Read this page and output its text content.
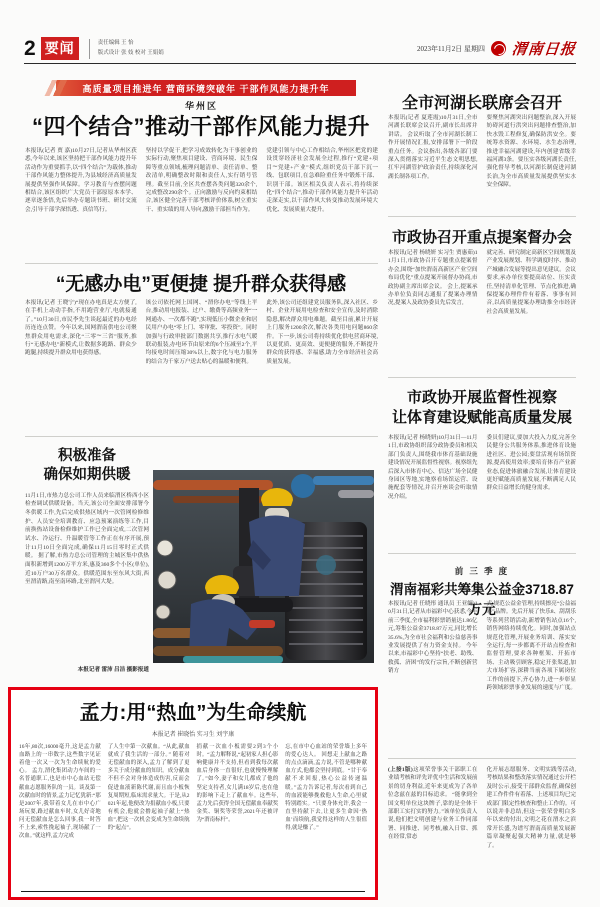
2 要闻	责任编辑 王 怡
版式设计 张 妓 校对 王娟娟	2023年11月2日 星期四 渭南日报
高质量项目推进年 营商环境突破年 干部作风能力提升年
华州区
“四个结合”推动干部作风能力提升
本报讯(记者 贾 嘉)10月27日,记者从华州区获悉,今年以来,该区坚持把干部作风能力提升年活动作为重要抓手,以“四个结合”为载体,推动干部作风能力整体提升,为县域经济高质量发展提供坚强作风保障。学习教育与查摆问题相结合,该区组织广大党员干部原原本本学、逐章逐条悟,先后举办专题读书班、研讨交流会,引导干部学深悟透、真信笃行。
坚持以学促干,把学习成效转化为干事创业的实际行动,聚焦项目建设、营商环境、民生保障等重点领域,梳理问题清单、责任清单、整改清单,明确整改时限和责任人,实行销号管理。截至目前,全区共查摆各类问题320余个,完成整改290余个。正向激励与反向约束相结合,该区健全完善干部考核评价体系,树立重实干、重实绩的用人导向,激励干部担当作为。
党建引领与中心工作相结合,华州区把党的建设贯穿经济社会发展全过程,推行“党建+项目”“党建+产业”模式,组织党员干部下沉一线、包联项目,在急难险重任务中锻炼干部、识别干部。该区相关负责人表示,将持续深化“四个结合”,推动干部作风能力提升年活动走深走实,以干部作风大转变推动发展环境大优化、发展质量大提升。
“无感办电”更便捷 提升群众获得感
本报讯(记者 王晓宁)“现在办电真是太方便了,在手机上动动手指,不用跑营业厅,电就接通了。”10月30日,市民李先生谈起最近的办电经历连连点赞。今年以来,国网渭南供电公司聚焦群众用电需求,深化“三零”“三省”服务,推行“无感办电”新模式,让数据多跑路、群众少跑腿,持续提升群众用电获得感。
该公司依托网上国网、“渭你办电”等线上平台,推动用电报装、过户、缴费等高频业务“一网通办、一次都不跑”,实现低压小微企业和居民用户办电“零上门、零审批、零投资”。同时加强与行政审批部门数据共享,推行水电气暖联动报装,办电环节由原来的6个压减至2个,平均接电时间压缩30%以上,数字化与电力服务的结合为千家万户送去贴心的温暖和便利。
此外,该公司还组建党员服务队,深入社区、乡村、企业开展用电检查和安全宣传,及时消除隐患,解决群众用电难题。截至目前,累计开展上门服务1200余次,解决各类用电问题860余件。下一步,该公司将持续优化供电营商环境,以更优质、更高效、更便捷的服务,不断提升群众的获得感、幸福感,助力全市经济社会高质量发展。
积极准备
确保如期供暖
11月1日,市热力总公司工作人员来临渭区桥西小区检查调试供暖设备。当天,该公司全面安排部署今冬供暖工作,先后完成供热区域内一次管网检修维护、人员安全培训教育、应急预案演练等工作,目前换热站设备检修维护工作已全面完成,二次管网试水、冷运行、升温暖管等工作正在有序开展,预计11月10日全面完成,确保11月15日零时正式供暖。 据了解,市热力总公司管理的主城区集中供热面积新增到1200万平方米,惠及360多个小区(单位),近10万户30万名群众。供暖范围东至东风大街,西至渭清路,南至南环路,北至渭河大堤。
本报记者 雷沛 吕洁 摄影报道
孟力:用“热血”为生命续航
本报记者 崔晓怡 实习生 刘宇康
16年,80次,16000毫升,这是孟力献血路上的一串数字,这些数字见证着他一次又一次为生命续航的爱心。 孟力,渭化集团动力车间的一名普通职工,也是市中心血站无偿献血志愿服务队的一员。谈及第一次献血时的情景,孟力记忆犹新:“那是2007年,我带着女儿在市中心广场玩耍,路过献血车时,女儿好奇地问无偿献血是怎么回事,我一时答不上来,索性挽起袖子,现场献了一次血。”就这样,孟力完成
了人生中第一次献血。“从此,献血就成了我生活的一部分。” 随着对无偿献血的深入,孟力了解到了更多关于成分献血的知识。成分献血不但不会对身体造成伤害,反而会促进血液新陈代谢,而且血小板恢复周期短,临床需求量大。于是,从2021年起,他便改为捐献血小板,只要有机会,他就会撸起袖子献上“热血”,把这一次机会变成为生命续航的“起点”。
捐献一次血小板需要2到3个小时。“孟力解释说,“起初家人担心影响健康并不支持,但看到我每次献血后身体一直很好,也就慢慢理解了。”如今,妻子和女儿都成了他的坚定支持者,女儿满18岁后,也在他的影响下走上了献血车。这些年,孟力先后获得全国无偿献血奉献奖金奖、铜奖等荣誉,2021年还被评为“渭南标杆”。
忘,在市中心血站的荣誉墙上多年的爱心达人。 回想走上献血之路的点点滴滴,孟力说,不管是哪种献血方式,他都会坚持到底。“甘于奉献不求回报,热心公益传递温暖。”孟力告诉记者,每次看到自己的血液能够挽救他人生命,心里就特别踏实。“只要身体允许,我会一直坚持献下去,让更多生命因‘热血’而续航,我觉得这样的人生很值得,就是赚了。”
全市河湖长联席会召开
本报讯(记者 夏莲霞)10月31日,全市河湖长联席会议召开,副市长出席并讲话。 会议听取了全市河湖长制工作开展情况汇报,安排部署下一阶段重点任务。会议指出,各级各部门要深入贯彻落实习近平生态文明思想,扛牢河湖管护政治责任,持续深化河湖长制各项工作。
要聚焦河湖突出问题整治,深入开展妨碍河道行洪突出问题排查整治,加快水毁工程修复,确保防洪安全。要统筹水资源、水环境、水生态治理,推进幸福河湖建设,年内创建省级幸福河湖3条。要压实各级河湖长责任,强化督导考核,以河湖长制促进河湖长治,为全市高质量发展提供坚实水安全保障。
市政协召开重点提案督办会
本报讯(记者 杨晓妍 实习生 贾惠茹)11月1日,市政协召开专题重点提案督办会,围绕“加快渭南高新区产业空间布局优化”重点提案开展督办协商,市政协副主席出席会议。 会上,提案承办单位负责同志通报了提案办理情况,提案人及政协委员先后发言,
就完善、研究制定高新区空间规划及产业发展规划、科学调度时序、推动产城融合发展等提出意见建议。会议要求,承办单位要提高站位、压实责任,坚持清单化管理、节点化推进,确保提案办理件件有着落、事事有回音,以高质量提案办理助推全市经济社会高质量发展。
市政协开展监督性视察
让体育建设赋能高质量发展
本报讯(记者 杨晓妍)10月31日—11月1日,市政协组织部分政协委员和相关部门负责人,围绕我市体育基础设施建设情况开展监督性视察。视察组先后深入市体育中心、信达广场全民健身园区等地,实地察看场馆运营、设施配套等情况,并召开座谈会听取情况介绍。
委员们建议,要加大投入力度,完善全民健身公共服务体系,推进体育设施进社区、进公园;要盘活现有场馆资源,提高使用效率;要培育体育产业新业态,促进体旅融合发展,让体育建设更好赋能高质量发展,不断满足人民群众日益增长的健身需求。
前 三 季 度
渭南福彩共筹集公益金3718.87万元
本报讯(记者 任晓彤 通讯员 王亚缠)10月31日,记者从市福彩中心获悉,今年前三季度,全市福利彩票销量达1.86亿元,筹集公益金3718.87万元,同比增长35.6%,为全市社会福利和公益慈善事业发展提供了有力资金支持。 今年以来,市福彩中心坚持“扶老、助残、救孤、济困”的发行宗旨,不断创新营销方
式,规范公益金管理,持续擦亮“公益福彩”品牌。先后开展了快乐8、刮刮乐等系列营销活动,新增销售站点16个,销售网络持续优化。同时,加强站点规范化管理,开展业务培训、落实安全运行,每一步都离不开站点检查和监督管理,要求各种框架、开拓市场、主动吸引顾客,稳定开张渠道,加大市场扩容,深耕当前各项下属岗位工作的前提下,齐心协力,进一步彰显跨领域彩票事业发展的速度与广度。
(上接1版)这项荣誉事关干部职工在业绩考核和评先评优中生活和发展前景的切身利益,近年来更成为了各单位念兹在兹的目标追求。 “能拿到全国文明单位这块牌子,靠的是全体干部职工实打实的努力。”该单位负责人说,他们把文明创建与业务工作同部署、同推进、同考核,融入日常、抓在经常,常态
化开展志愿服务、文明实践等活动,考核结果和整改落实情况通过公开栏及时公示,接受干部群众监督,确保创建工作件件有着落、上述项目均已完成部门限定性核查和整止工作的。可以说并非总结,但这一张荣誉明白多年以来的付出,文明之花在渭水之滨常开长盛,为谱写渭南高质量发展新篇章凝聚起强大精神力量,就是够了。
